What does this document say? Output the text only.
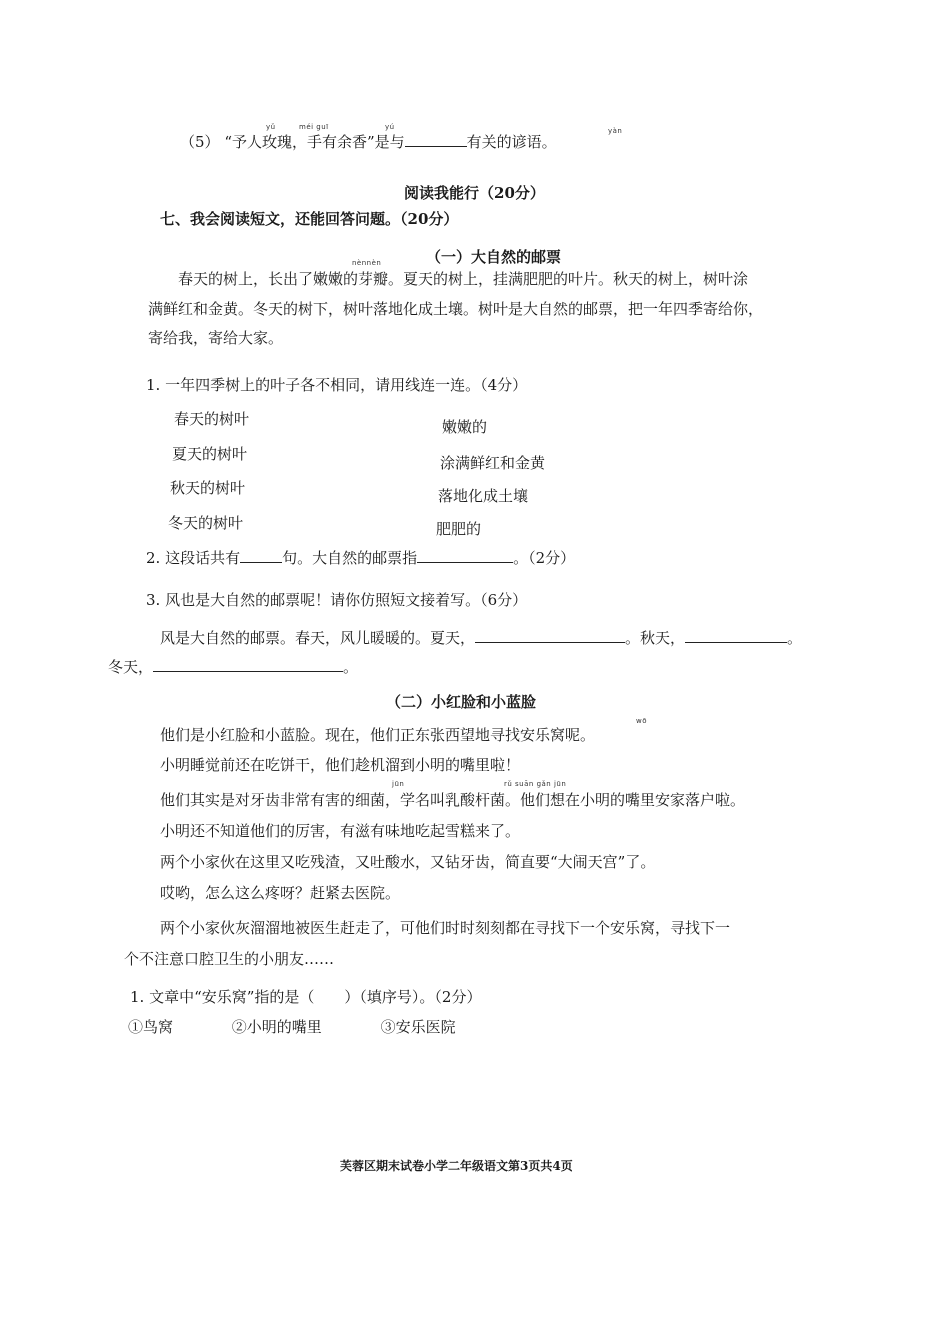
yǔ	méi guī	yú	yàn
（5） “予人玫瑰，手有余香”是与	有关的谚语。
阅读我能行（20分）
七、我会阅读短文，还能回答问题。（20分）
（一）大自然的邮票
nènnèn
春天的树上，长出了嫩嫩的芽瓣。夏天的树上，挂满肥肥的叶片。秋天的树上，树叶涂
满鲜红和金黄。冬天的树下，树叶落地化成土壤。树叶是大自然的邮票，把一年四季寄给你，
寄给我，寄给大家。
1. 一年四季树上的叶子各不相同，请用线连一连。（4分）
春天的树叶
夏天的树叶
秋天的树叶
冬天的树叶
嫩嫩的
涂满鲜红和金黄
落地化成土壤
肥肥的
2. 这段话共有	句。大自然的邮票指	。（2分）
3. 风也是大自然的邮票呢！请你仿照短文接着写。（6分）
风是大自然的邮票。春天，风儿暖暖的。夏天，	。秋天，	。
冬天，	。
（二）小红脸和小蓝脸
wō
他们是小红脸和小蓝脸。现在，他们正东张西望地寻找安乐窝呢。
小明睡觉前还在吃饼干，他们趁机溜到小明的嘴里啦！
jūn	rǔ suān gǎn jūn
他们其实是对牙齿非常有害的细菌，学名叫乳酸杆菌。他们想在小明的嘴里安家落户啦。
小明还不知道他们的厉害，有滋有味地吃起雪糕来了。
两个小家伙在这里又吃残渣，又吐酸水，又钻牙齿，简直要“大闹天宫”了。
哎哟，怎么这么疼呀？赶紧去医院。
两个小家伙灰溜溜地被医生赶走了，可他们时时刻刻都在寻找下一个安乐窝，寻找下一
个不注意口腔卫生的小朋友……
1. 文章中“安乐窝”指的是（　　）（填序号）。（2分）
①鸟窝	②小明的嘴里	③安乐医院
芙蓉区期末试卷小学二年级语文第3页共4页
